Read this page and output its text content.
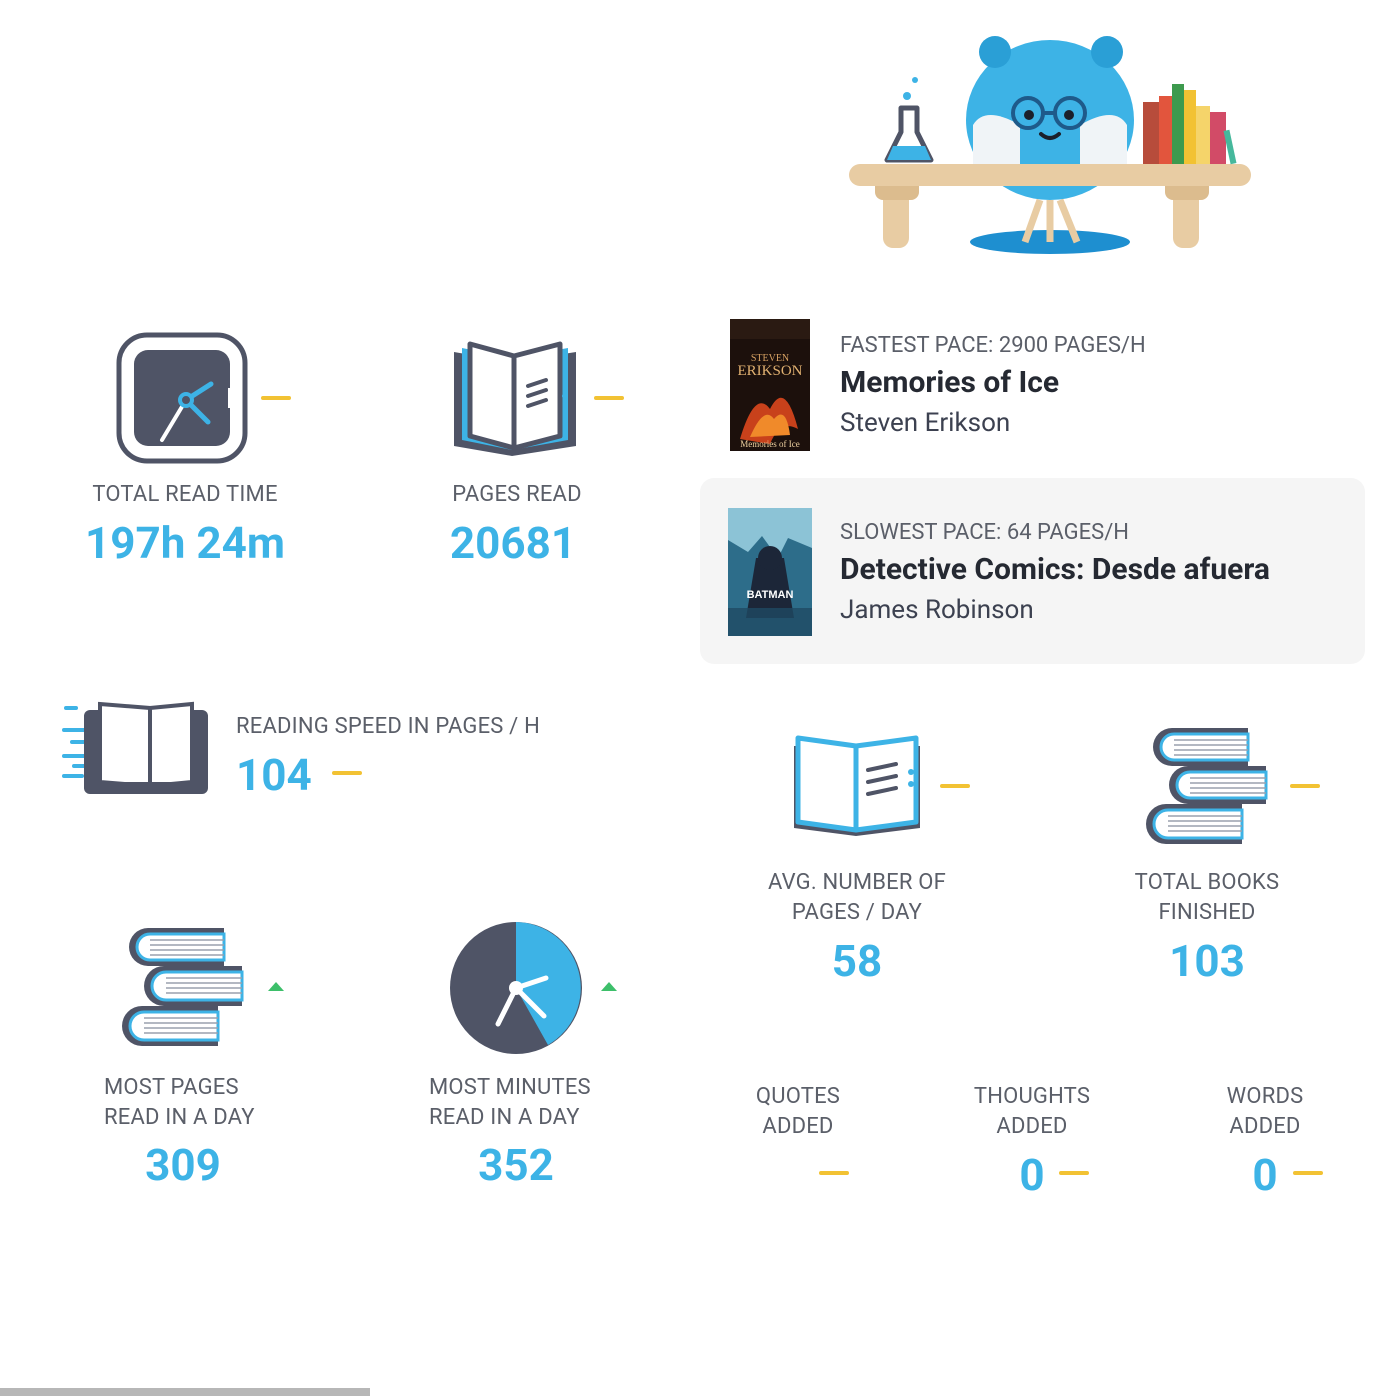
TOTAL READ TIME
197h 24m
PAGES READ
20681
STEVEN
ERIKSON
Memories of Ice
FASTEST PACE: 2900 PAGES/H
Memories of Ice
Steven Erikson
BATMAN
SLOWEST PACE: 64 PAGES/H
Detective Comics: Desde afuera
James Robinson
READING SPEED IN PAGES / H
104
AVG. NUMBER OF
PAGES / DAY
58
TOTAL BOOKS
FINISHED
103
MOST PAGES
READ IN A DAY
309
MOST MINUTES
READ IN A DAY
352
QUOTES
ADDED
THOUGHTS
ADDED
0
WORDS
ADDED
0
